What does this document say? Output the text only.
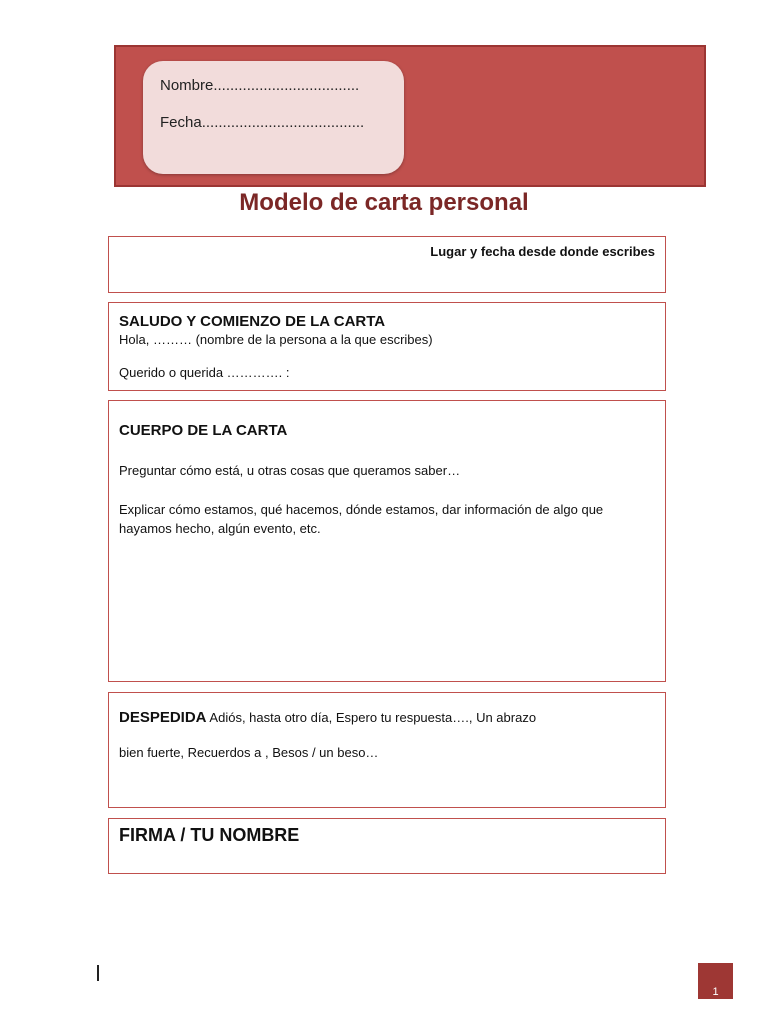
Nombre...................................
Fecha.......................................
Modelo de carta personal
Lugar y fecha desde donde escribes
SALUDO Y COMIENZO DE LA CARTA
Hola, ……… (nombre de la persona a la que escribes)
Querido o querida …………. :
CUERPO DE LA CARTA
Preguntar cómo está, u otras cosas que queramos saber…
Explicar cómo estamos, qué hacemos, dónde estamos, dar información de algo que hayamos hecho, algún evento, etc.
DESPEDIDA Adiós, hasta otro día, Espero tu respuesta…., Un abrazo
bien fuerte, Recuerdos a , Besos / un beso…
FIRMA / TU NOMBRE
1
